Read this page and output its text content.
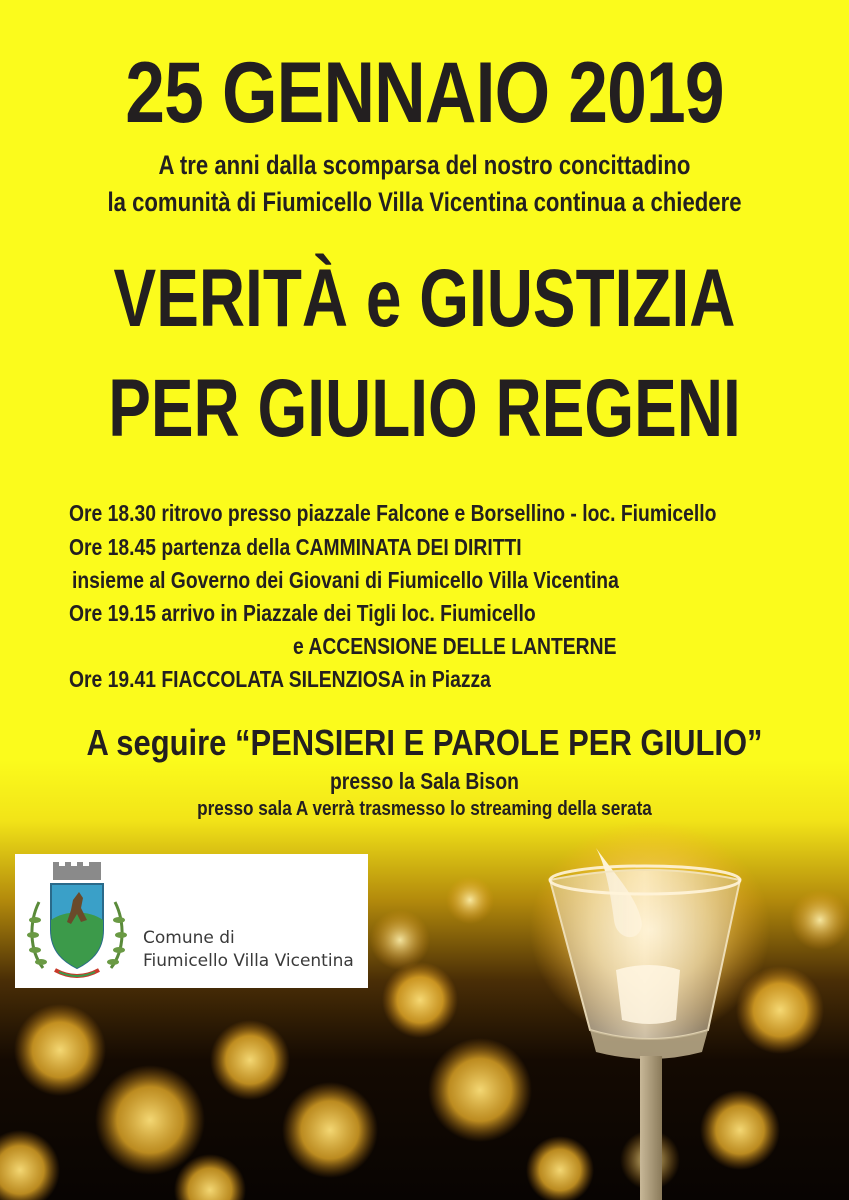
25 GENNAIO 2019
A tre anni dalla scomparsa del nostro concittadino
la comunità di Fiumicello Villa Vicentina continua a chiedere
VERITÀ e GIUSTIZIA
PER GIULIO REGENI
Ore 18.30 ritrovo presso piazzale Falcone e Borsellino - loc. Fiumicello
Ore 18.45 partenza della CAMMINATA DEI DIRITTI
insieme al Governo dei Giovani di Fiumicello Villa Vicentina
Ore 19.15 arrivo in Piazzale dei Tigli loc. Fiumicello
e ACCENSIONE DELLE LANTERNE
Ore 19.41 FIACCOLATA SILENZIOSA in Piazza
A seguire “PENSIERI E PAROLE PER GIULIO”
presso la Sala Bison
presso sala A verrà trasmesso lo streaming della serata
Comune di
Fiumicello Villa Vicentina
